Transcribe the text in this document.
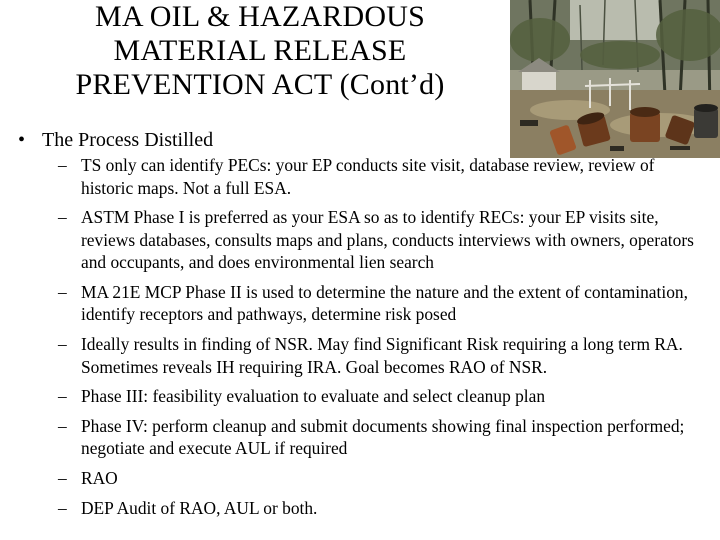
MA OIL & HAZARDOUS
MATERIAL RELEASE
PREVENTION ACT (Cont’d)
• The Process Distilled
– TS only can identify PECs: your EP conducts site visit, database review, review of historic maps. Not a full ESA.
– ASTM Phase I is preferred as your ESA so as to identify RECs: your EP visits site, reviews databases, consults maps and plans, conducts interviews with owners, operators and occupants, and does environmental lien search
– MA 21E MCP Phase II is used to determine the nature and the extent of contamination, identify receptors and pathways, determine risk posed
– Ideally results in finding of NSR. May find Significant Risk requiring a long term RA. Sometimes reveals IH requiring IRA. Goal becomes RAO of NSR.
– Phase III: feasibility evaluation to evaluate and select cleanup plan
– Phase IV: perform cleanup and submit documents showing final inspection performed; negotiate and execute AUL if required
– RAO
– DEP Audit of RAO, AUL or both.
